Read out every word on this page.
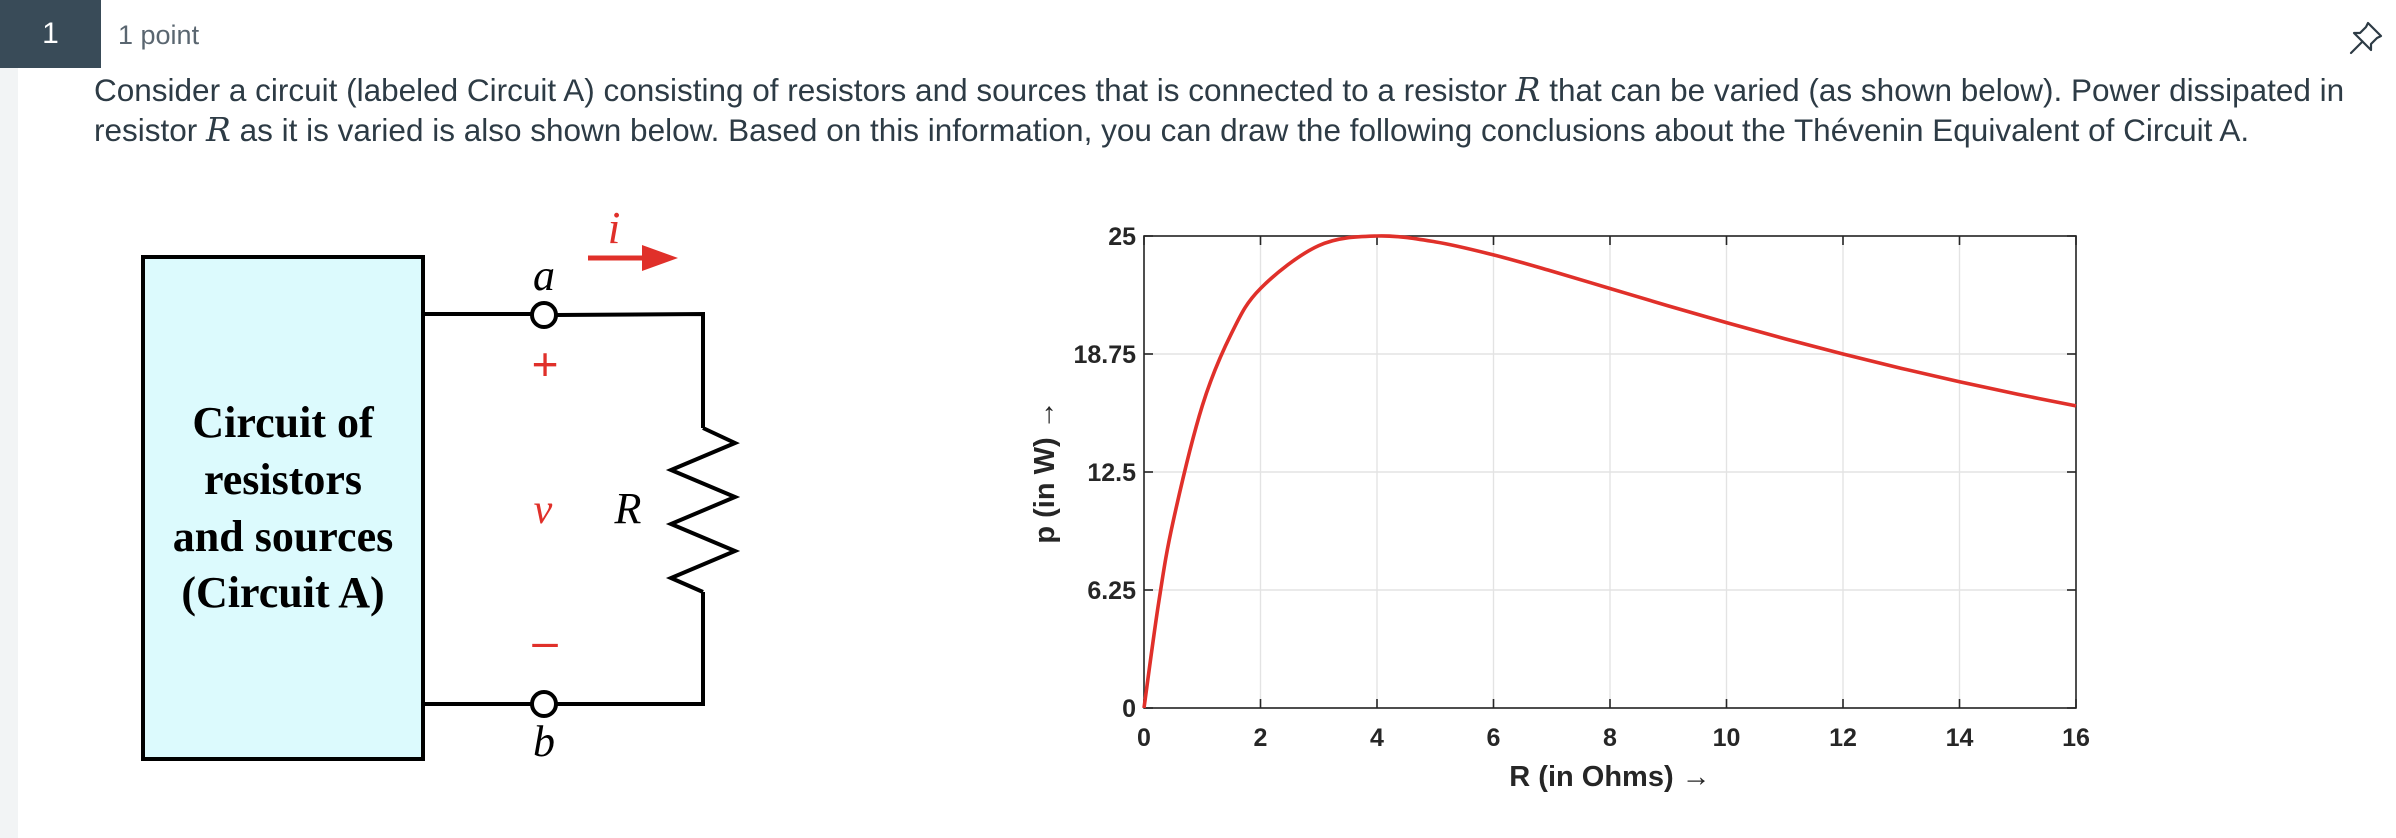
1	1 point
Consider a circuit (labeled Circuit A) consisting of resistors and sources that is connected to a resistor R that can be varied (as shown below). Power dissipated in resistor R as it is varied is also shown below. Based on this information, you can draw the following conclusions about the Thévenin Equivalent of Circuit A.
Circuit of
resistors
and sources
(Circuit A)
a
b
R
v
i
+
–
0	2	4	6	8	10	12	14	16
0
6.25
12.5
18.75
25
R (in Ohms) →
p (in W) →
